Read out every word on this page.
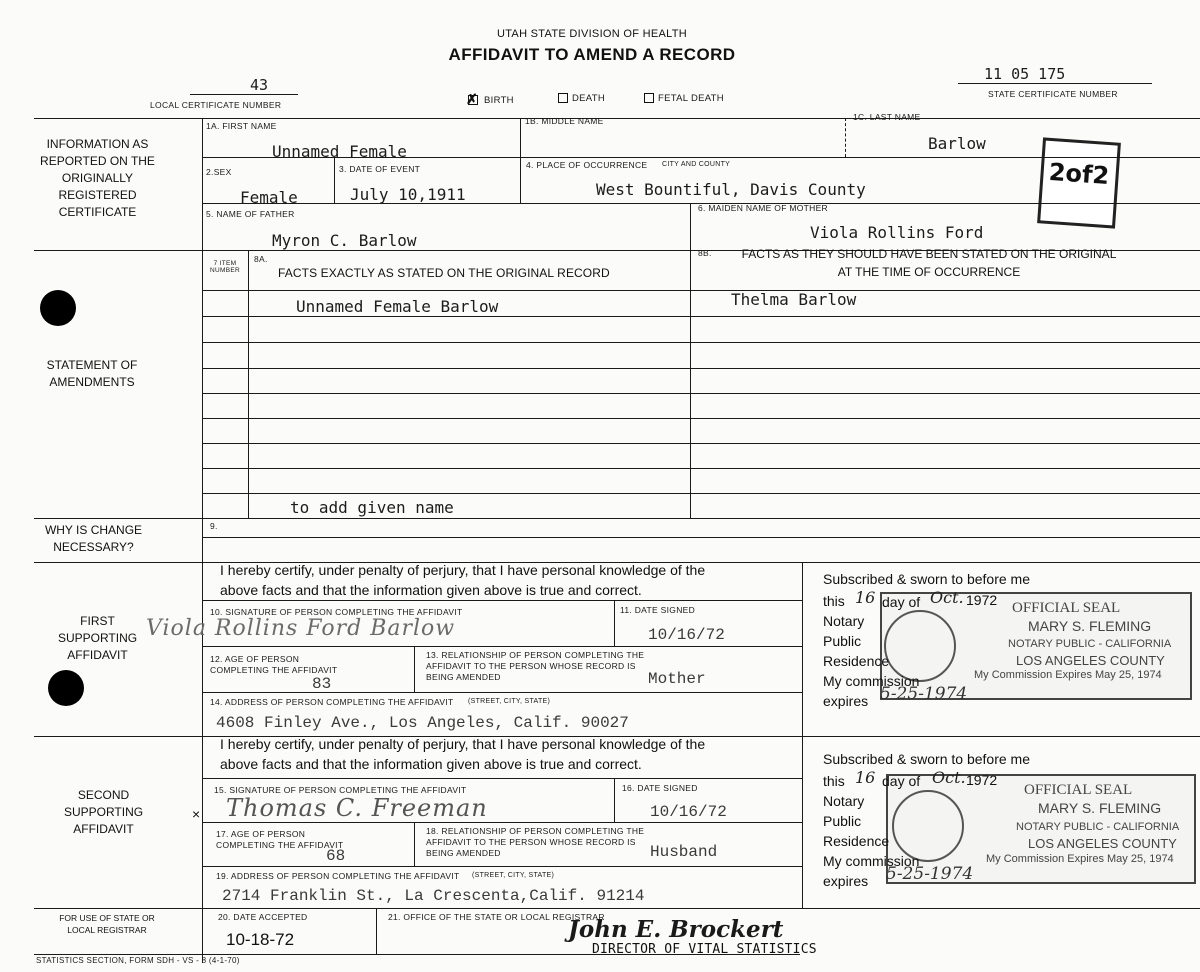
UTAH STATE DIVISION OF HEALTH
AFFIDAVIT TO AMEND A RECORD
43
LOCAL CERTIFICATE NUMBER
11 05 175
STATE CERTIFICATE NUMBER
✗ BIRTH	DEATH	FETAL DEATH
2of2
INFORMATION AS REPORTED ON THE ORIGINALLY REGISTERED CERTIFICATE
STATEMENT OF AMENDMENTS
WHY IS CHANGE NECESSARY?
FIRST SUPPORTING AFFIDAVIT
SECOND SUPPORTING AFFIDAVIT
FOR USE OF STATE OR LOCAL REGISTRAR
1A. FIRST NAME
Unnamed Female
1B. MIDDLE NAME	1C. LAST NAME
Barlow
2.SEX
Female
3. DATE OF EVENT
July 10,1911
4. PLACE OF OCCURRENCE CITY AND COUNTY
West Bountiful, Davis County
5. NAME OF FATHER
Myron C. Barlow
6. MAIDEN NAME OF MOTHER
Viola Rollins Ford
7 ITEM NUMBER
8A.
FACTS EXACTLY AS STATED ON THE ORIGINAL RECORD
8B.	FACTS AS THEY SHOULD HAVE BEEN STATED ON THE ORIGINAL AT THE TIME OF OCCURRENCE
Unnamed Female Barlow	Thelma Barlow
to add given name
9.
I hereby certify, under penalty of perjury, that I have personal knowledge of the above facts and that the information given above is true and correct.
10. SIGNATURE OF PERSON COMPLETING THE AFFIDAVIT
Viola Rollins Ford Barlow
11. DATE SIGNED
10/16/72
12. AGE OF PERSON COMPLETING THE AFFIDAVIT
83
13. RELATIONSHIP OF PERSON COMPLETING THE AFFIDAVIT TO THE PERSON WHOSE RECORD IS BEING AMENDED	Mother
14. ADDRESS OF PERSON COMPLETING THE AFFIDAVIT (STREET, CITY, STATE)
4608 Finley Ave., Los Angeles, Calif. 90027
OFFICIAL SEAL
MARY S. FLEMING
NOTARY PUBLIC - CALIFORNIA
LOS ANGELES COUNTY
My Commission Expires May 25, 1974
Subscribed & sworn to before me
this 16 day of Oct. 1972
Notary
Public
Residence
My commission
expires 5-25-1974
I hereby certify, under penalty of perjury, that I have personal knowledge of the above facts and that the information given above is true and correct.
15. SIGNATURE OF PERSON COMPLETING THE AFFIDAVIT
× Thomas C. Freeman
16. DATE SIGNED
10/16/72
17. AGE OF PERSON COMPLETING THE AFFIDAVIT
68
18. RELATIONSHIP OF PERSON COMPLETING THE AFFIDAVIT TO THE PERSON WHOSE RECORD IS BEING AMENDED	Husband
19. ADDRESS OF PERSON COMPLETING THE AFFIDAVIT (STREET, CITY, STATE)
2714 Franklin St., La Crescenta,Calif. 91214
OFFICIAL SEAL
MARY S. FLEMING
NOTARY PUBLIC - CALIFORNIA
LOS ANGELES COUNTY
My Commission Expires May 25, 1974
Subscribed & sworn to before me
this 16 day of Oct. 1972
Notary
Public
Residence
My commission
expires 5-25-1974
20. DATE ACCEPTED
10-18-72
21. OFFICE OF THE STATE OR LOCAL REGISTRAR
John E. Brockert
DIRECTOR OF VITAL STATISTICS
STATISTICS SECTION, FORM SDH - VS - 8 (4-1-70)
